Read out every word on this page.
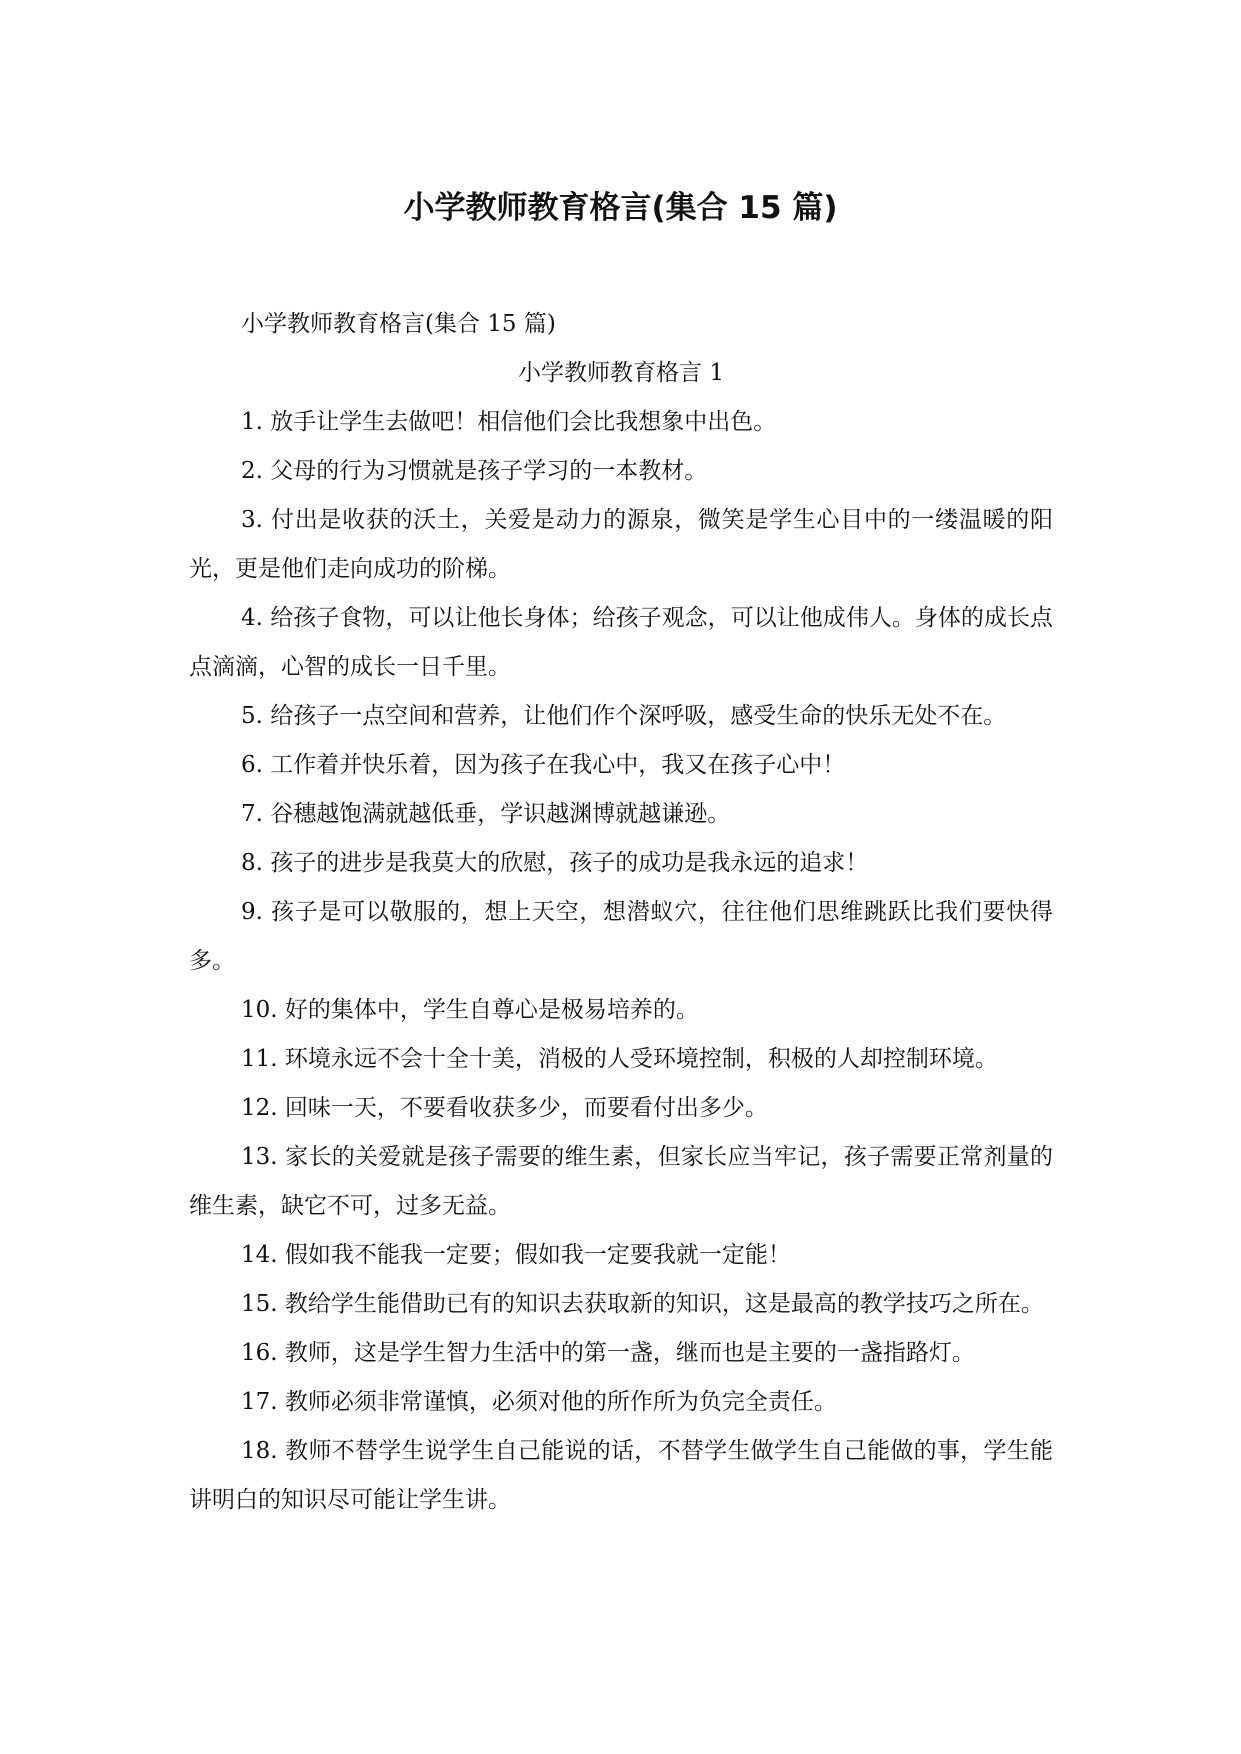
小学教师教育格言(集合 15 篇)

小学教师教育格言(集合 15 篇)

小学教师教育格言 1

1. 放手让学生去做吧！相信他们会比我想象中出色。

2. 父母的行为习惯就是孩子学习的一本教材。

3. 付出是收获的沃土，关爱是动力的源泉，微笑是学生心目中的一缕温暖的阳光，更是他们走向成功的阶梯。

4. 给孩子食物，可以让他长身体；给孩子观念，可以让他成伟人。身体的成长点点滴滴，心智的成长一日千里。

5. 给孩子一点空间和营养，让他们作个深呼吸，感受生命的快乐无处不在。

6. 工作着并快乐着，因为孩子在我心中，我又在孩子心中！

7. 谷穗越饱满就越低垂，学识越渊博就越谦逊。

8. 孩子的进步是我莫大的欣慰，孩子的成功是我永远的追求！

9. 孩子是可以敬服的，想上天空，想潜蚁穴，往往他们思维跳跃比我们要快得多。

10. 好的集体中，学生自尊心是极易培养的。

11. 环境永远不会十全十美，消极的人受环境控制，积极的人却控制环境。

12. 回味一天，不要看收获多少，而要看付出多少。

13. 家长的关爱就是孩子需要的维生素，但家长应当牢记，孩子需要正常剂量的维生素，缺它不可，过多无益。

14. 假如我不能我一定要；假如我一定要我就一定能！

15. 教给学生能借助已有的知识去获取新的知识，这是最高的教学技巧之所在。

16. 教师，这是学生智力生活中的第一盏，继而也是主要的一盏指路灯。

17. 教师必须非常谨慎，必须对他的所作所为负完全责任。

18. 教师不替学生说学生自己能说的话，不替学生做学生自己能做的事，学生能讲明白的知识尽可能让学生讲。
